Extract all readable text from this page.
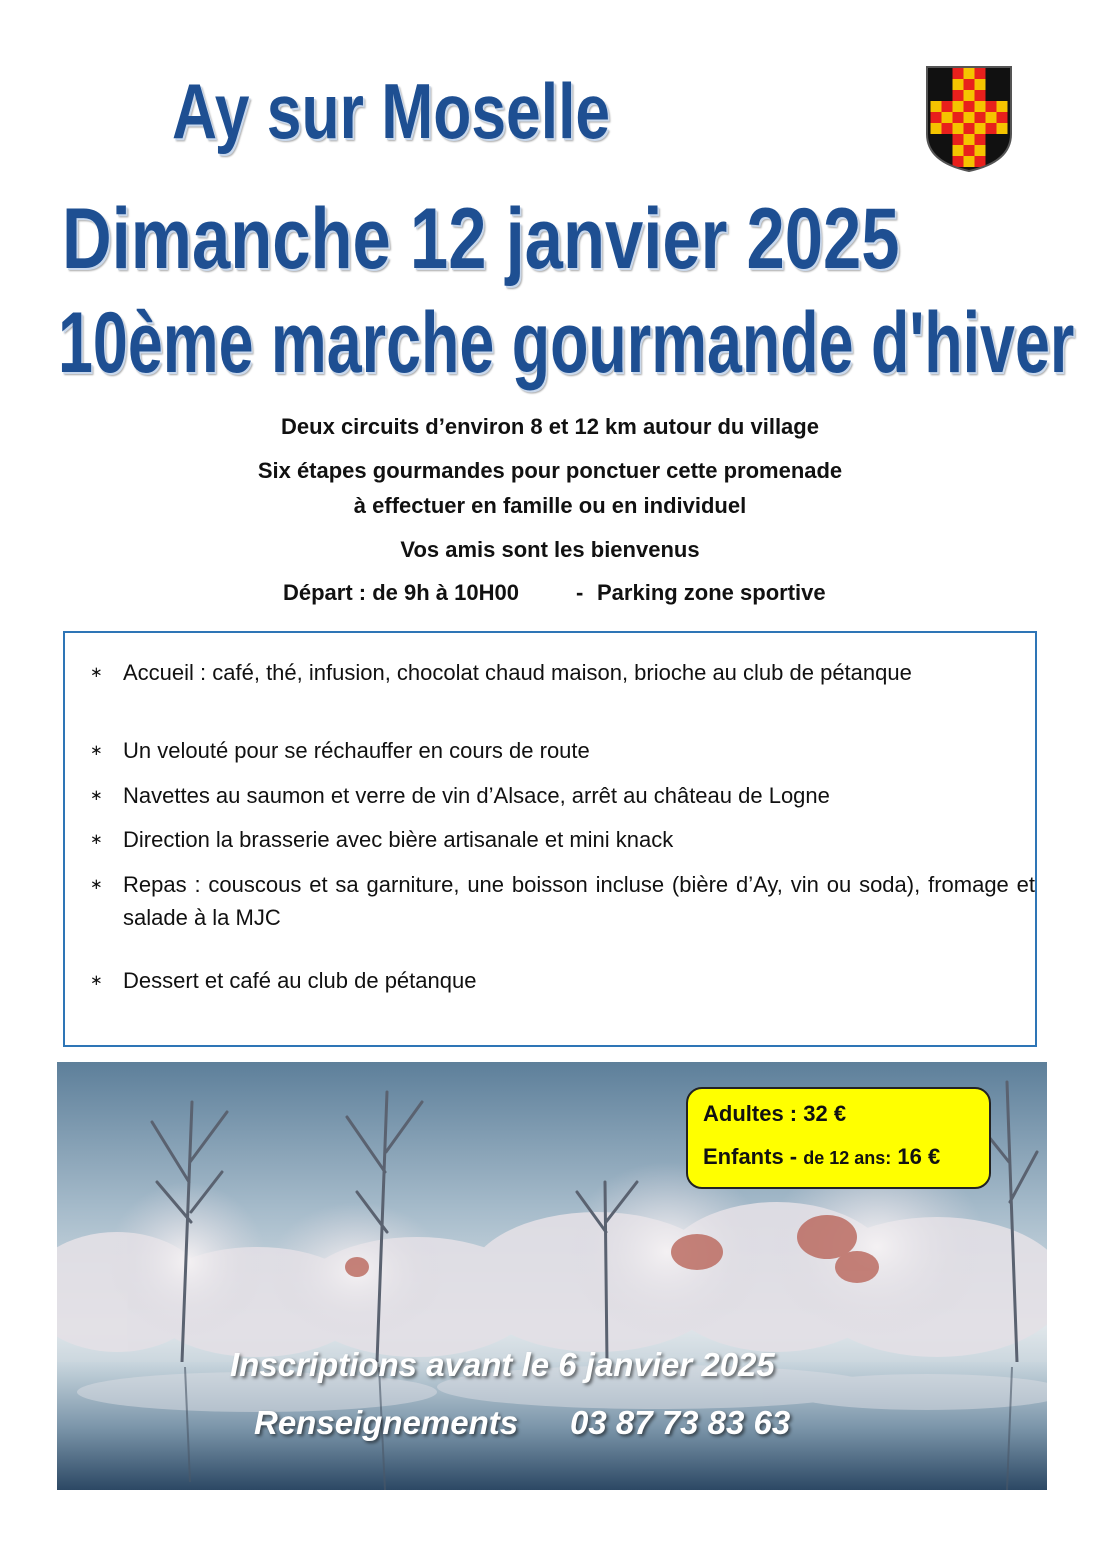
Ay sur Moselle
Dimanche 12 janvier 2025
10ème marche gourmande d'hiver
Deux circuits d’environ 8 et 12 km autour du village
Six étapes gourmandes pour ponctuer cette promenade
à effectuer en famille ou en individuel
Vos amis sont les bienvenus
Départ : de 9h à 10H00	- Parking zone sportive
∗ Accueil : café, thé, infusion, chocolat chaud maison, brioche au club de pétanque
∗ Un velouté pour se réchauffer en cours de route
∗ Navettes au saumon et verre de vin d’Alsace, arrêt au château de Logne
∗ Direction la brasserie avec bière artisanale et mini knack
∗ Repas : couscous et sa garniture, une boisson incluse (bière d’Ay, vin ou soda), fromage et salade à la MJC
∗ Dessert et café au club de pétanque
Adultes : 32 €
Enfants - de 12 ans: 16 €
Inscriptions avant le 6 janvier 2025
Renseignements 03 87 73 83 63
